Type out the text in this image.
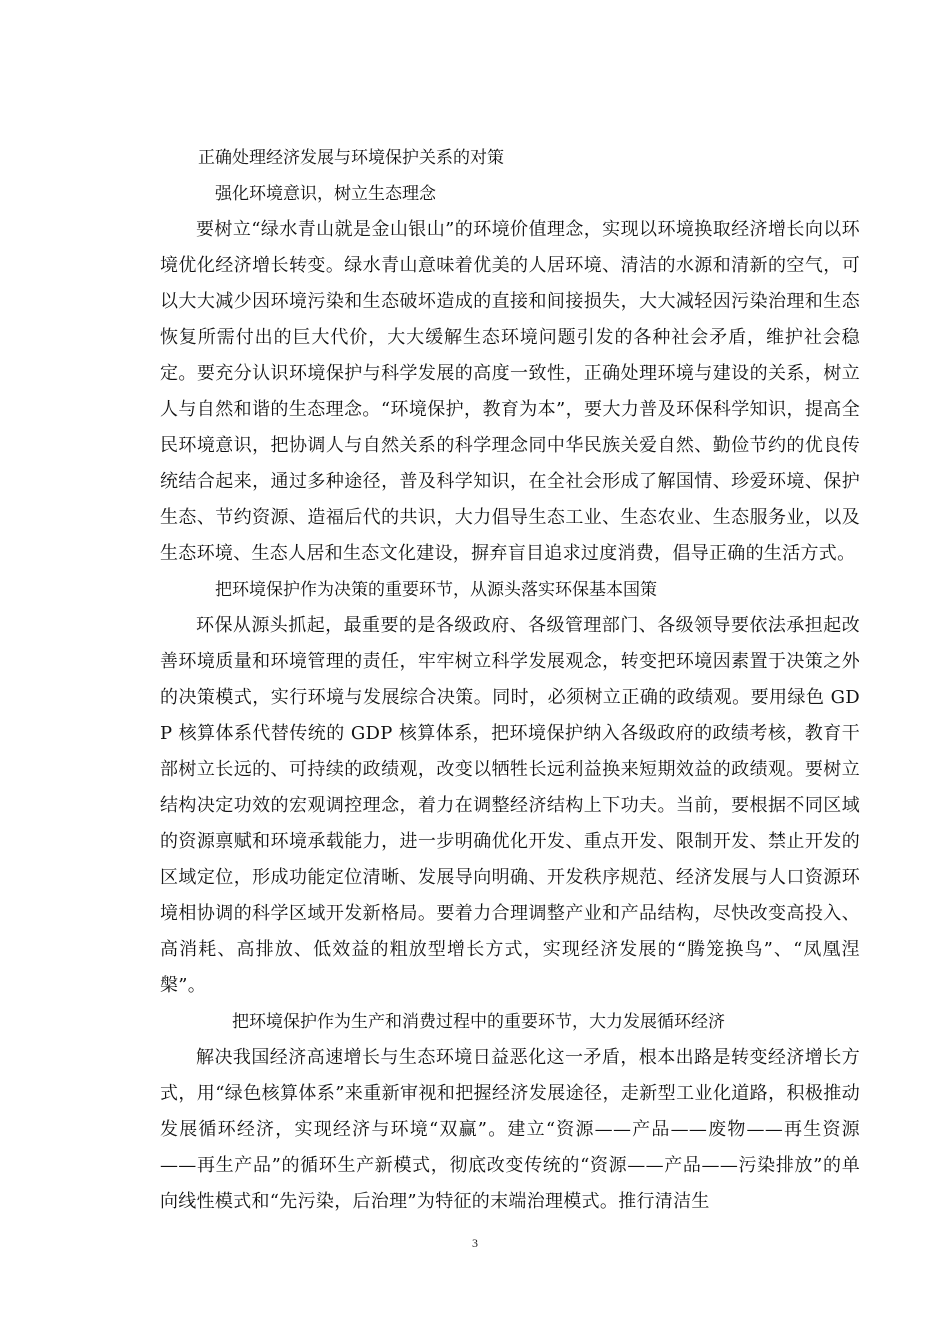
正确处理经济发展与环境保护关系的对策

强化环境意识，树立生态理念

要树立“绿水青山就是金山银山”的环境价值理念，实现以环境换取经济增长向以环境优化经济增长转变。绿水青山意味着优美的人居环境、清洁的水源和清新的空气，可以大大减少因环境污染和生态破坏造成的直接和间接损失，大大减轻因污染治理和生态恢复所需付出的巨大代价，大大缓解生态环境问题引发的各种社会矛盾，维护社会稳定。要充分认识环境保护与科学发展的高度一致性，正确处理环境与建设的关系，树立人与自然和谐的生态理念。“环境保护，教育为本”，要大力普及环保科学知识，提高全民环境意识，把协调人与自然关系的科学理念同中华民族关爱自然、勤俭节约的优良传统结合起来，通过多种途径，普及科学知识，在全社会形成了解国情、珍爱环境、保护生态、节约资源、造福后代的共识，大力倡导生态工业、生态农业、生态服务业，以及生态环境、生态人居和生态文化建设，摒弃盲目追求过度消费，倡导正确的生活方式。

把环境保护作为决策的重要环节，从源头落实环保基本国策

环保从源头抓起，最重要的是各级政府、各级管理部门、各级领导要依法承担起改善环境质量和环境管理的责任，牢牢树立科学发展观念，转变把环境因素置于决策之外的决策模式，实行环境与发展综合决策。同时，必须树立正确的政绩观。要用绿色 GDP 核算体系代替传统的 GDP 核算体系，把环境保护纳入各级政府的政绩考核，教育干部树立长远的、可持续的政绩观，改变以牺牲长远利益换来短期效益的政绩观。要树立结构决定功效的宏观调控理念，着力在调整经济结构上下功夫。当前，要根据不同区域的资源禀赋和环境承载能力，进一步明确优化开发、重点开发、限制开发、禁止开发的区域定位，形成功能定位清晰、发展导向明确、开发秩序规范、经济发展与人口资源环境相协调的科学区域开发新格局。要着力合理调整产业和产品结构，尽快改变高投入、高消耗、高排放、低效益的粗放型增长方式，实现经济发展的“腾笼换鸟”、“凤凰涅槃”。

把环境保护作为生产和消费过程中的重要环节，大力发展循环经济

解决我国经济高速增长与生态环境日益恶化这一矛盾，根本出路是转变经济增长方式，用“绿色核算体系”来重新审视和把握经济发展途径，走新型工业化道路，积极推动发展循环经济，实现经济与环境“双赢”。建立“资源——产品——废物——再生资源——再生产品”的循环生产新模式，彻底改变传统的“资源——产品——污染排放”的单向线性模式和“先污染，后治理”为特征的末端治理模式。推行清洁生

3
